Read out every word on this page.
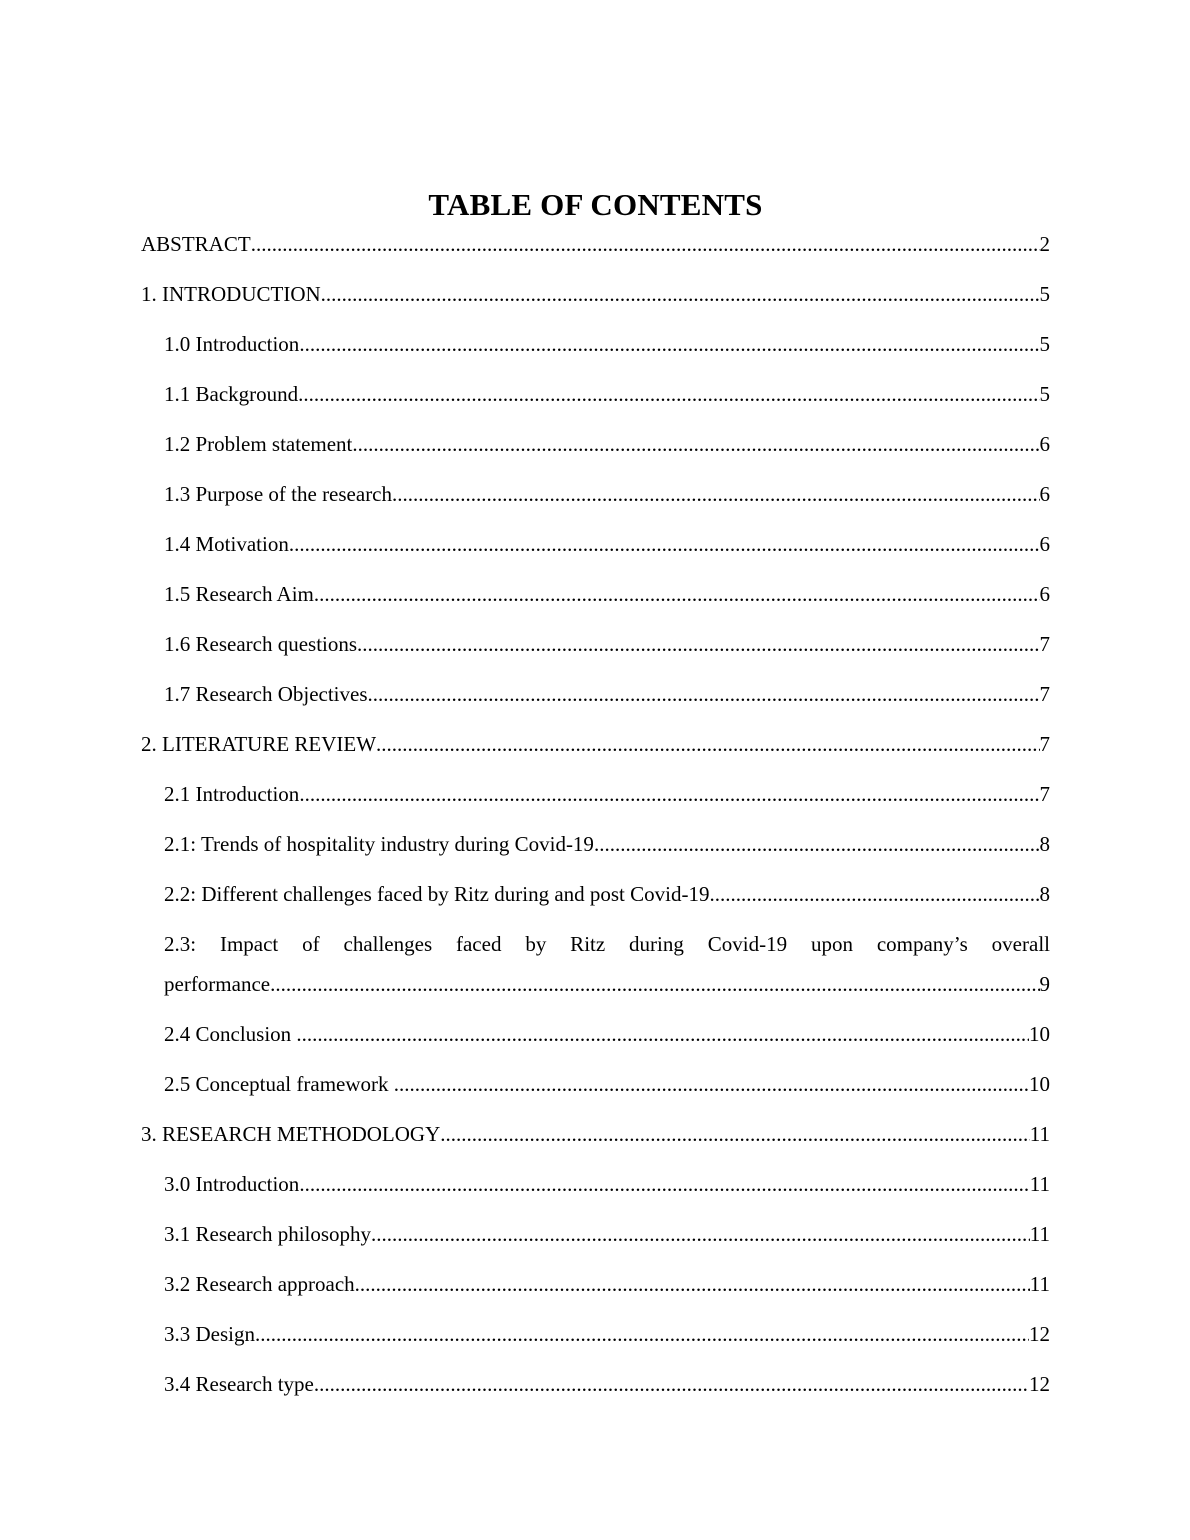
TABLE OF CONTENTS
ABSTRACT .....	2
1. INTRODUCTION .....	5
1.0 Introduction .....	5
1.1 Background .....	5
1.2 Problem statement .....	6
1.3 Purpose of the research .....	6
1.4 Motivation .....	6
1.5 Research Aim .....	6
1.6 Research questions .....	7
1.7 Research Objectives .....	7
2. LITERATURE REVIEW .....	7
2.1 Introduction .....	7
2.1: Trends of hospitality industry during Covid-19 .....	8
2.2: Different challenges faced by Ritz during and post Covid-19 .....	8
2.3: Impact of challenges faced by Ritz during Covid-19 upon company’s overall
performance .....	9
2.4 Conclusion .....	10
2.5 Conceptual framework .....	10
3. RESEARCH METHODOLOGY .....	11
3.0 Introduction .....	11
3.1 Research philosophy .....	11
3.2 Research approach .....	11
3.3 Design .....	12
3.4 Research type .....	12
